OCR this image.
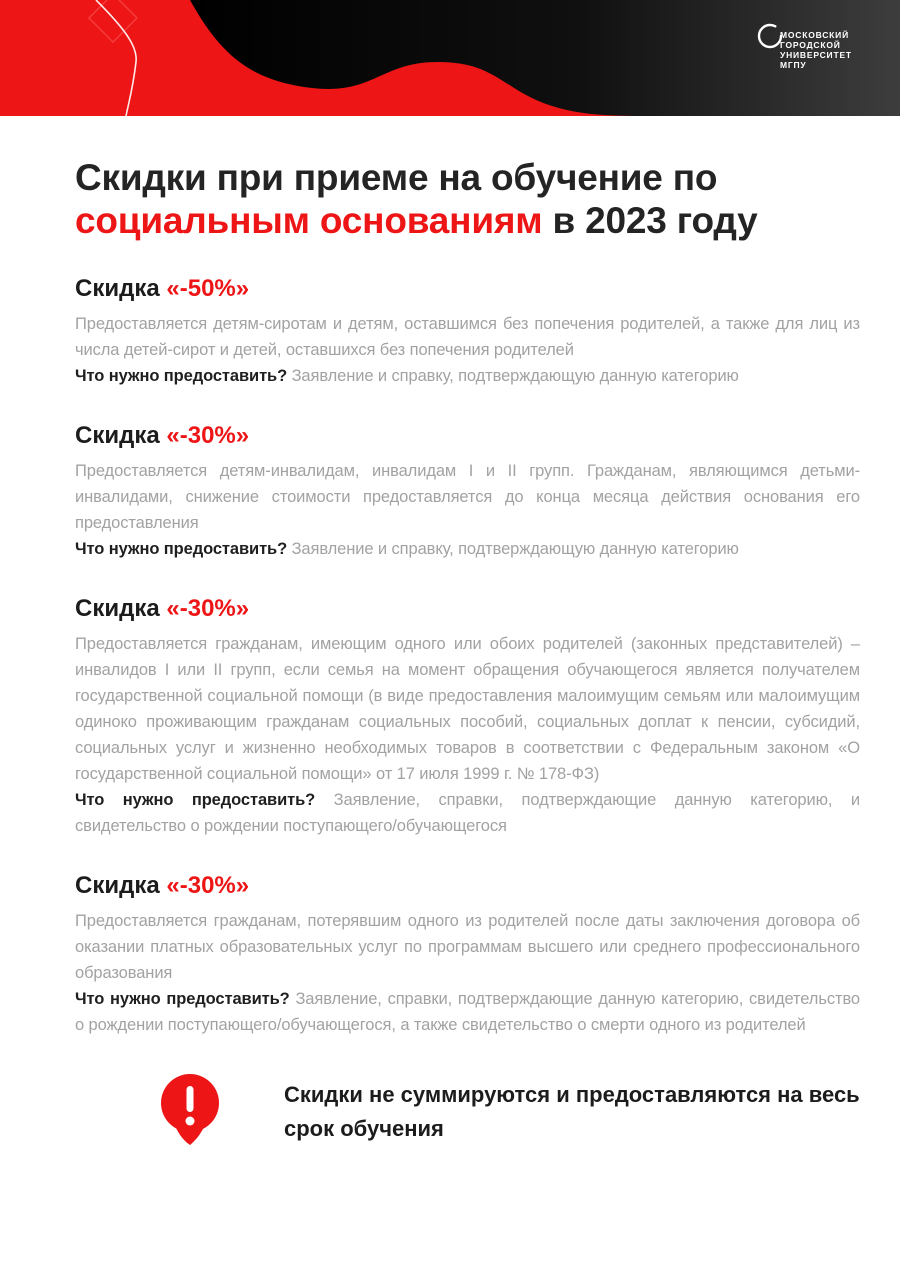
МОСКОВСКИЙ
ГОРОДСКОЙ
УНИВЕРСИТЕТ
МГПУ
Скидки при приеме на обучение по
социальным основаниям в 2023 году
Скидка «-50%»

Предоставляется детям-сиротам и детям, оставшимся без попечения родителей, а также для лиц из числа детей-сирот и детей, оставшихся без попечения родителей

Что нужно предоставить? Заявление и справку, подтверждающую данную категорию

Скидка «-30%»

Предоставляется детям-инвалидам, инвалидам I и II групп. Гражданам, являющимся детьми-инвалидами, снижение стоимости предоставляется до конца месяца действия основания его предоставления

Что нужно предоставить? Заявление и справку, подтверждающую данную категорию

Скидка «-30%»

Предоставляется гражданам, имеющим одного или обоих родителей (законных представителей) – инвалидов I или II групп, если семья на момент обращения обучающегося является получателем государственной социальной помощи (в виде предоставления малоимущим семьям или малоимущим одиноко проживающим гражданам социальных пособий, социальных доплат к пенсии, субсидий, социальных услуг и жизненно необходимых товаров в соответствии с Федеральным законом «О государственной социальной помощи» от 17 июля 1999 г. № 178-ФЗ)

Что нужно предоставить? Заявление, справки, подтверждающие данную категорию, и свидетельство о рождении поступающего/обучающегося

Скидка «-30%»

Предоставляется гражданам, потерявшим одного из родителей после даты заключения договора об оказании платных образовательных услуг по программам высшего или среднего профессионального образования

Что нужно предоставить? Заявление, справки, подтверждающие данную категорию, свидетельство о рождении поступающего/обучающегося, а также свидетельство о смерти одного из родителей

Скидки не суммируются и предоставляются на весь
срок обучения
